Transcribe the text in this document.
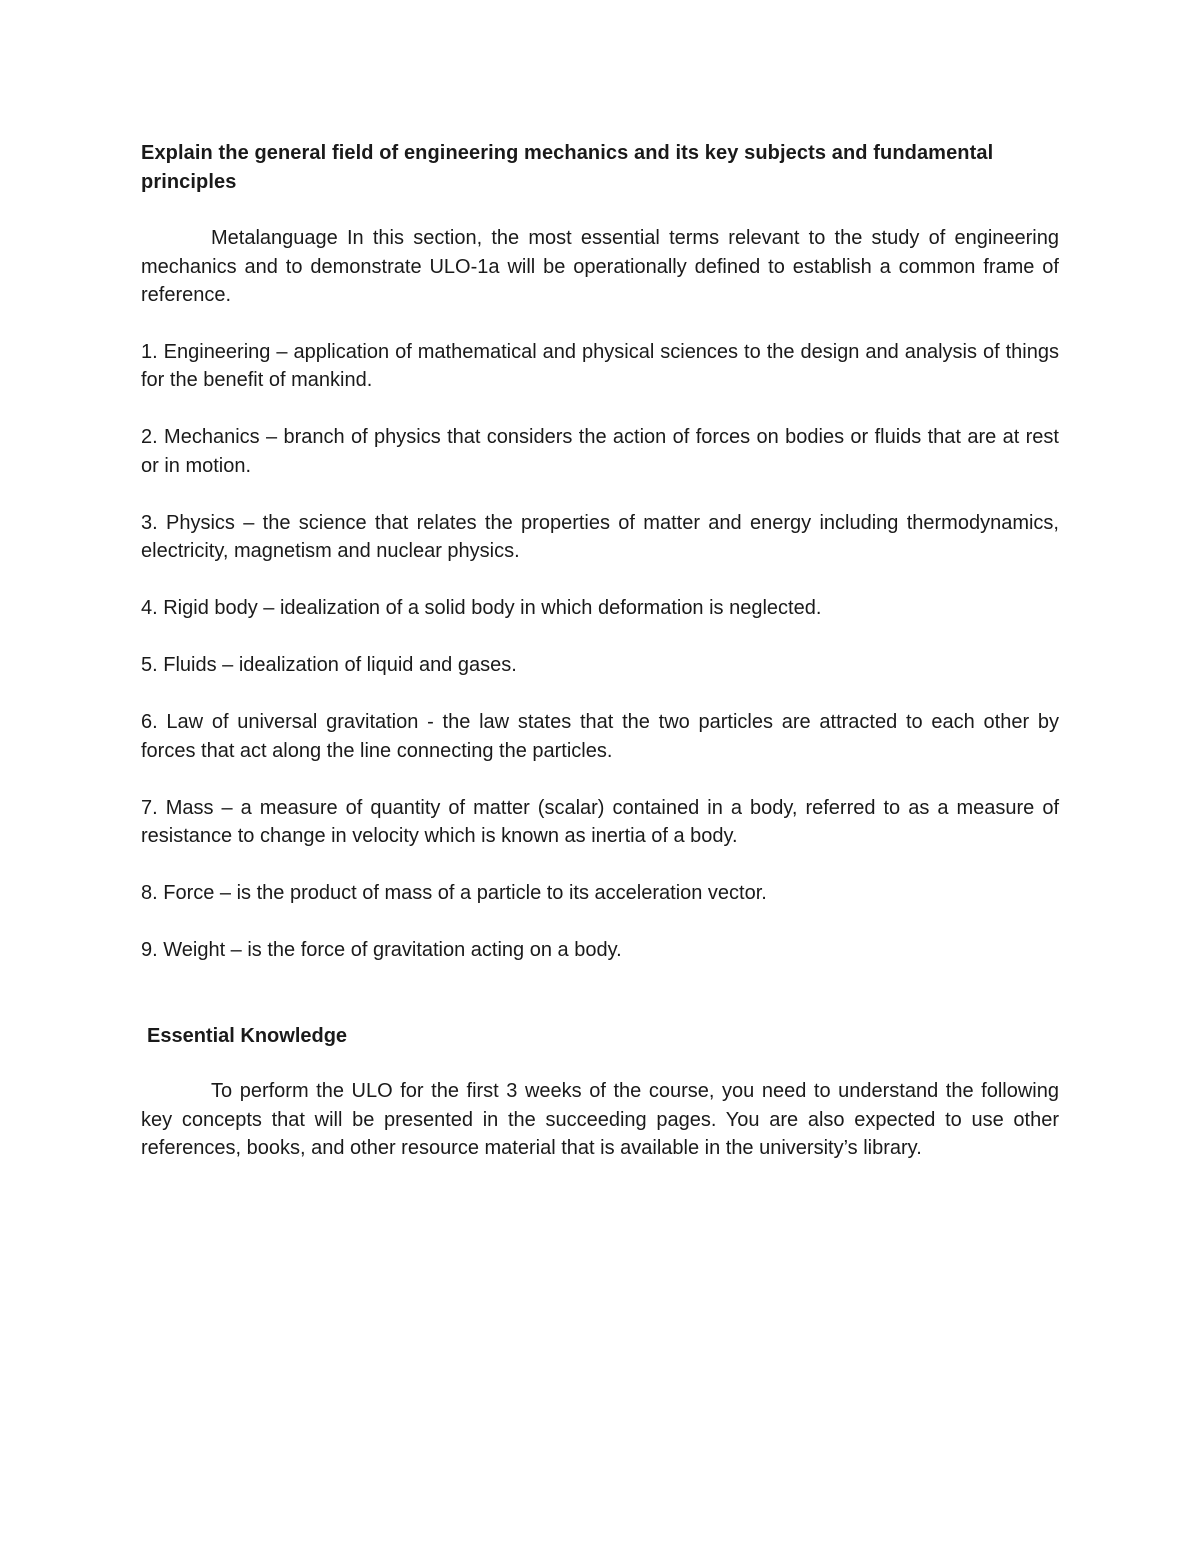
Explain the general field of engineering mechanics and its key subjects and fundamental principles

Metalanguage In this section, the most essential terms relevant to the study of engineering mechanics and to demonstrate ULO-1a will be operationally defined to establish a common frame of reference.

1. Engineering – application of mathematical and physical sciences to the design and analysis of things for the benefit of mankind.
2. Mechanics – branch of physics that considers the action of forces on bodies or fluids that are at rest or in motion.
3. Physics – the science that relates the properties of matter and energy including thermodynamics, electricity, magnetism and nuclear physics.
4. Rigid body – idealization of a solid body in which deformation is neglected.
5. Fluids – idealization of liquid and gases.
6. Law of universal gravitation - the law states that the two particles are attracted to each other by forces that act along the line connecting the particles.
7. Mass – a measure of quantity of matter (scalar) contained in a body, referred to as a measure of resistance to change in velocity which is known as inertia of a body.
8. Force – is the product of mass of a particle to its acceleration vector.
9. Weight – is the force of gravitation acting on a body.
Essential Knowledge

To perform the ULO for the first 3 weeks of the course, you need to understand the following key concepts that will be presented in the succeeding pages. You are also expected to use other references, books, and other resource material that is available in the university’s library.
